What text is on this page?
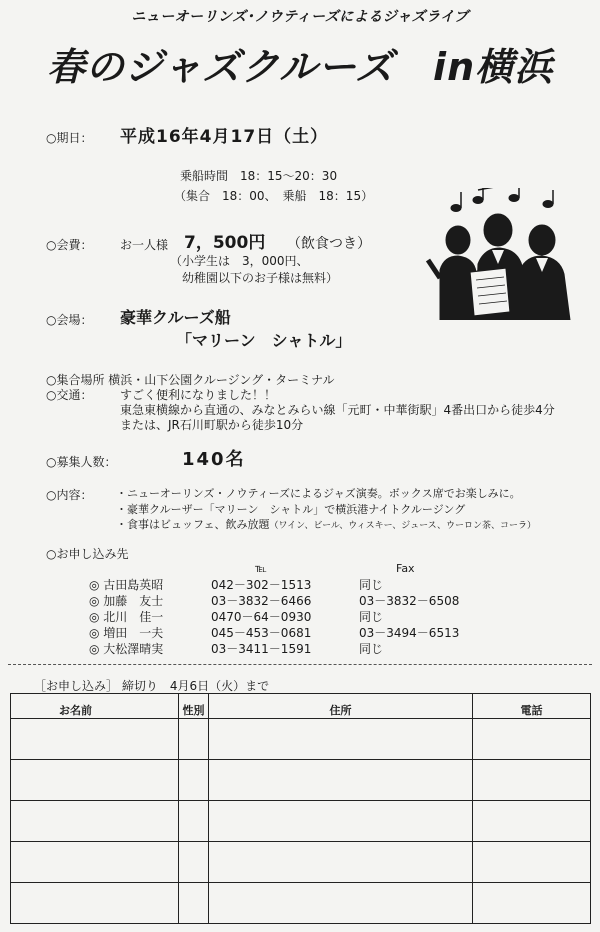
ニューオーリンズ･ノウティーズによるジャズライブ
春のジャズクルーズ　in横浜
○期日： 平成16年4月17日（土）
乗船時間　18：15～20：30
（集合　18：00、　乗船　18：15）
○会費： お一人様 7，500円 （飲食つき）
（小学生は　3，000円、
幼稚園以下のお子様は無料）
○会場： 豪華クルーズ船
「マリーン　シャトル」
○集合場所 横浜・山下公園クルージング・ターミナル
○交通： すごく便利になりました！！
東急東横線から直通の、みなとみらい線「元町・中華街駅」4番出口から徒歩4分
または、JR石川町駅から徒歩10分
○募集人数：	140名
○内容： ・ニューオーリンズ・ノウティーズによるジャズ演奏。ボックス席でお楽しみに。
・豪華クルーザー「マリーン　シャトル」で横浜港ナイトクルージング
・食事はビュッフェ、飲み放題（ワイン、ビール、ウィスキー、ジュース、ウーロン茶、コーラ）
○お申し込み先
℡	Fax
◎ 古田島英昭	042－302－1513	同じ
◎ 加藤　友士	03－3832－6466	03－3832－6508
◎ 北川　佳一	0470－64－0930	同じ
◎ 増田　一夫	045－453－0681	03－3494－6513
◎ 大松澤晴実	03－3411－1591	同じ
［お申し込み］ 締切り　4月6日（火）まで
お名前	性別	住所	電話
